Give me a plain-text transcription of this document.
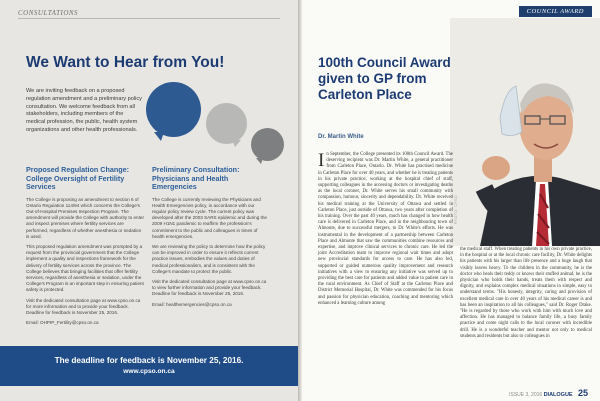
CONSULTATIONS
We Want to Hear from You!

We are inviting feedback on a proposed regulation amendment and a preliminary policy consultation. We welcome feedback from all stakeholders, including members of the medical profession, the public, health system organizations and other health professionals.

Proposed Regulation Change: College Oversight of Fertility Services

The College is proposing an amendment to section 6 of Ontario Regulation 114/94 which concerns the College's Out-of-Hospital Premises Inspection Program. The amendment will provide the College with authority to enter and inspect premises where fertility services are performed, regardless of whether anesthesia or sedation is used.

This proposed regulation amendment was prompted by a request from the provincial government that the College implement a quality and inspections framework for the delivery of fertility services across the province. The College believes that bringing facilities that offer fertility services, regardless of anesthesia or sedation, under the College's Program is an important step in ensuring patient safety is protected.

Visit the dedicated consultation page at www.cpso.on.ca for more information and to provide your feedback. Deadline for feedback is November 25, 2016.

Email: OHPIP_Fertility@cpso.on.ca

Preliminary Consultation: Physicians and Health Emergencies

The College is currently reviewing the Physicians and Health Emergencies policy, in accordance with our regular policy review cycle. The current policy was developed after the 2003 SARS epidemic and during the 2009 H1N1 pandemic to reaffirm the profession's commitment to the public and colleagues in times of health emergencies.

We are reviewing the policy to determine how the policy can be improved in order to ensure it reflects current practice issues, embodies the values and duties of medical professionalism, and is consistent with the College's mandate to protect the public.

Visit the dedicated consultation page at www.cpso.on.ca to view further information and provide your feedback. Deadline for feedback is November 25, 2016.

Email: healthemergencies@cpso.on.ca

The deadline for feedback is November 25, 2016.
www.cpso.on.ca
COUNCIL AWARD
100th Council Award given to GP from Carleton Place

Dr. Martin White

In September, the College presented its 100th Council Award. The deserving recipient was Dr. Martin White, a general practitioner from Carleton Place, Ontario. Dr. White has practised medicine in Carleton Place for over 40 years, and whether he is treating patients in his private practice, working at the hospital chief of staff, supporting colleagues in the accessing doctors or investigating deaths as the local coroner, Dr. White serves his small community with compassion, humour, sincerity and dependability. Dr. White received his medical training at the University of Ottawa and settled in Carleton Place, just outside of Ottawa, two years after completion of his training. Over the past 40 years, much has changed in how health care is delivered in Carleton Place, and in the neighbouring town of Almonte, due to successful mergers, to Dr. White's efforts. He was instrumental in the development of a partnership between Carleton Place and Almonte that saw the communities combine resources and expertise, and improve clinical services to chronic care. He led the joint Accreditation team to improve regional wait times and adopt new provincial standards for access to care. He has also led, supported or guided numerous quality improvement and research initiatives with a view to ensuring any initiative was served up to providing the best care for patients and added value to patient care in the rural environment. As Chief of Staff at the Carleton Place and District Memorial Hospital, Dr. White was commended for his focus and passion for physician education, coaching and mentoring which enhanced a learning culture among

the medical staff. When treating patients in his own private practice, in the hospital or at the local chronic care facility, Dr. White delights his patients with his larger than life presence and a huge laugh that visibly leaves heavy. To the children in the community, he is the doctor who heals their teddy or knows their stuffed animal, he is the physician who holds their hands, treats them with respect and dignity, and explains complex medical situations in simple, easy to understand terms. "His honesty, integrity, caring and provision of excellent medical care in over 40 years of his medical career is and has been an inspiration to all his colleagues," said Dr. Roger Drake. "He is regarded by those who work with him with much love and affection. He has managed to balance family life, a busy family practice and come night calls to the local coroner with incredible drill. He is a wonderful teacher and mentor not only to medical students and residents but also to colleagues in

PHOTO: CPSO
ISSUE 3, 2016 DIALOGUE 25
